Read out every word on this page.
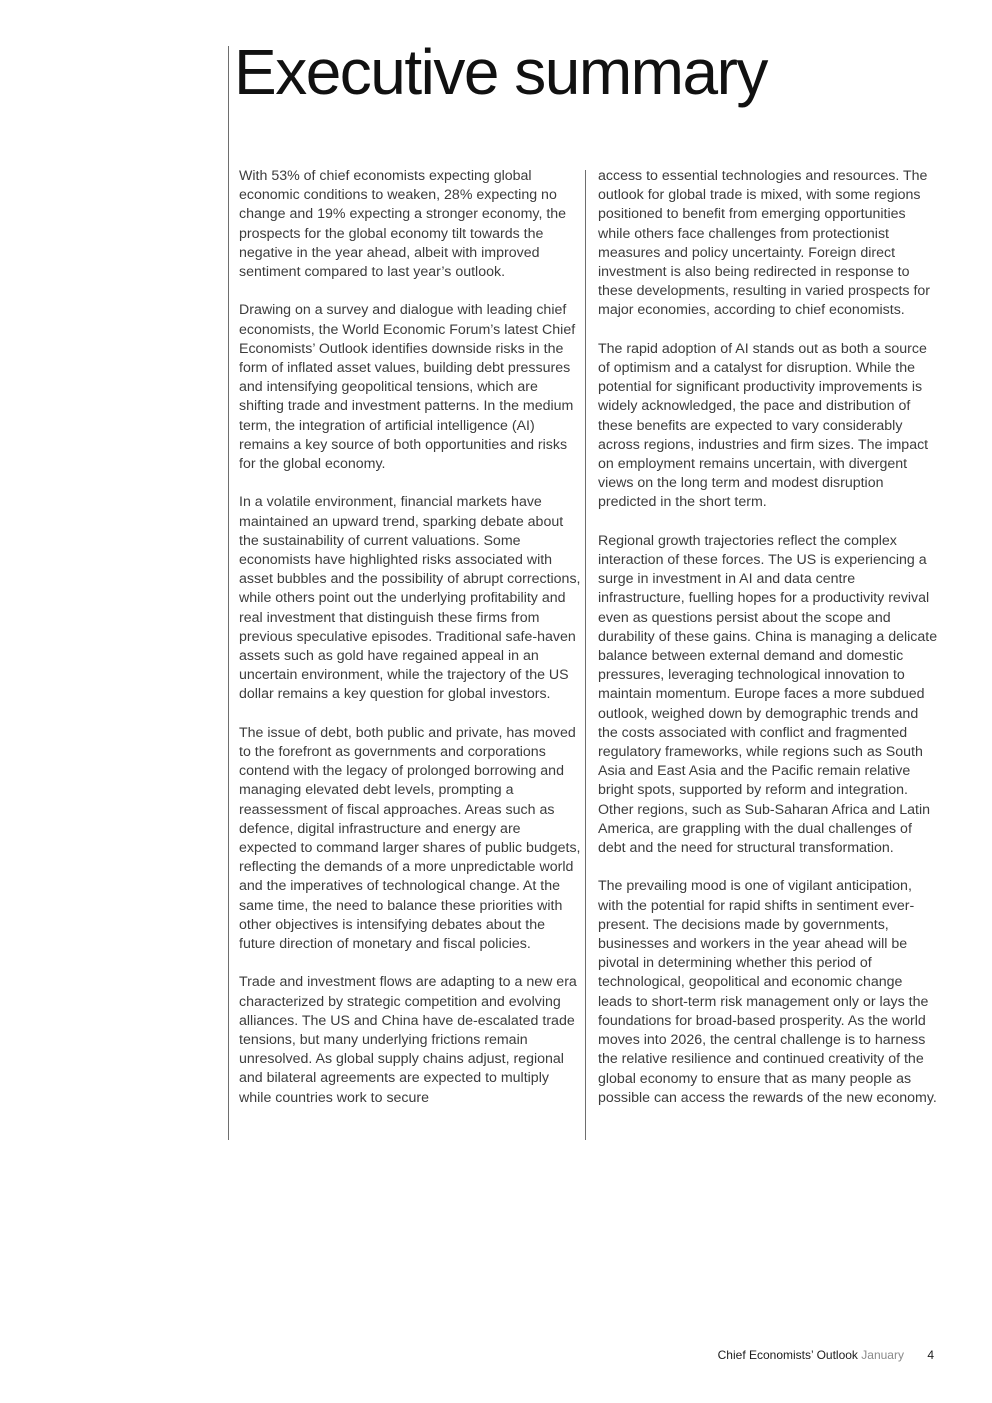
Executive summary

With 53% of chief economists expecting global economic conditions to weaken, 28% expecting no change and 19% expecting a stronger economy, the prospects for the global economy tilt towards the negative in the year ahead, albeit with improved sentiment compared to last year’s outlook.

Drawing on a survey and dialogue with leading chief economists, the World Economic Forum’s latest Chief Economists’ Outlook identifies downside risks in the form of inflated asset values, building debt pressures and intensifying geopolitical tensions, which are shifting trade and investment patterns. In the medium term, the integration of artificial intelligence (AI) remains a key source of both opportunities and risks for the global economy.

In a volatile environment, financial markets have maintained an upward trend, sparking debate about the sustainability of current valuations. Some economists have highlighted risks associated with asset bubbles and the possibility of abrupt corrections, while others point out the underlying profitability and real investment that distinguish these firms from previous speculative episodes. Traditional safe-haven assets such as gold have regained appeal in an uncertain environment, while the trajectory of the US dollar remains a key question for global investors.

The issue of debt, both public and private, has moved to the forefront as governments and corporations contend with the legacy of prolonged borrowing and managing elevated debt levels, prompting a reassessment of fiscal approaches. Areas such as defence, digital infrastructure and energy are expected to command larger shares of public budgets, reflecting the demands of a more unpredictable world and the imperatives of technological change. At the same time, the need to balance these priorities with other objectives is intensifying debates about the future direction of monetary and fiscal policies.

Trade and investment flows are adapting to a new era characterized by strategic competition and evolving alliances. The US and China have de-escalated trade tensions, but many underlying frictions remain unresolved. As global supply chains adjust, regional and bilateral agreements are expected to multiply while countries work to secure

access to essential technologies and resources. The outlook for global trade is mixed, with some regions positioned to benefit from emerging opportunities while others face challenges from protectionist measures and policy uncertainty. Foreign direct investment is also being redirected in response to these developments, resulting in varied prospects for major economies, according to chief economists.

The rapid adoption of AI stands out as both a source of optimism and a catalyst for disruption. While the potential for significant productivity improvements is widely acknowledged, the pace and distribution of these benefits are expected to vary considerably across regions, industries and firm sizes. The impact on employment remains uncertain, with divergent views on the long term and modest disruption predicted in the short term.

Regional growth trajectories reflect the complex interaction of these forces. The US is experiencing a surge in investment in AI and data centre infrastructure, fuelling hopes for a productivity revival even as questions persist about the scope and durability of these gains. China is managing a delicate balance between external demand and domestic pressures, leveraging technological innovation to maintain momentum. Europe faces a more subdued outlook, weighed down by demographic trends and the costs associated with conflict and fragmented regulatory frameworks, while regions such as South Asia and East Asia and the Pacific remain relative bright spots, supported by reform and integration. Other regions, such as Sub-Saharan Africa and Latin America, are grappling with the dual challenges of debt and the need for structural transformation.

The prevailing mood is one of vigilant anticipation, with the potential for rapid shifts in sentiment ever-present. The decisions made by governments, businesses and workers in the year ahead will be pivotal in determining whether this period of technological, geopolitical and economic change leads to short-term risk management only or lays the foundations for broad-based prosperity. As the world moves into 2026, the central challenge is to harness the relative resilience and continued creativity of the global economy to ensure that as many people as possible can access the rewards of the new economy.

Chief Economists’ Outlook January 4
